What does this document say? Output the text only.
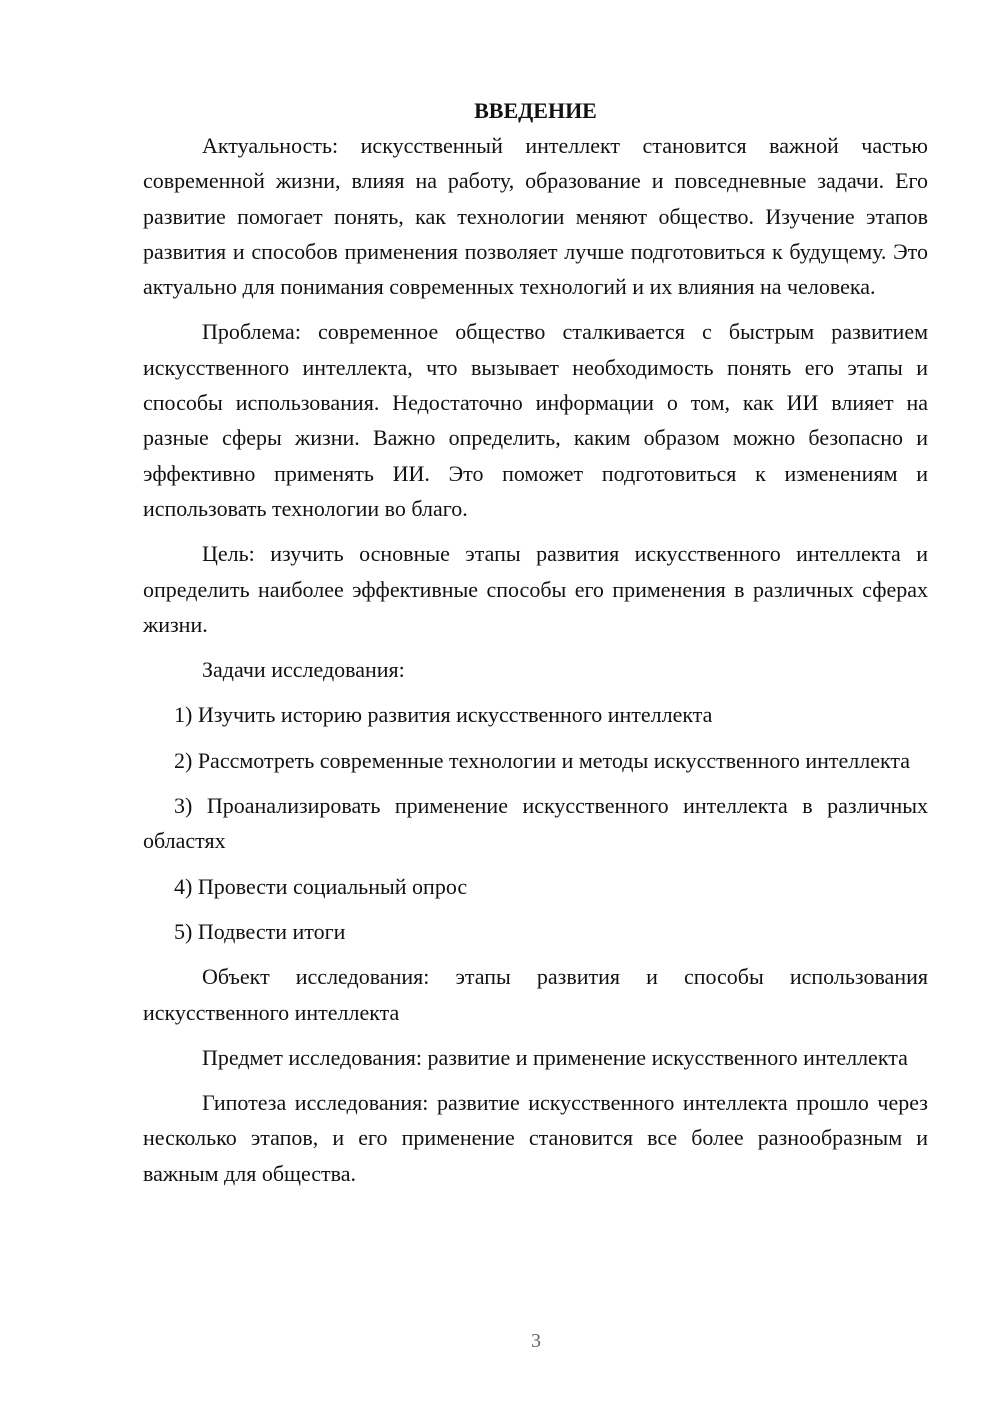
ВВЕДЕНИЕ

Актуальность: искусственный интеллект становится важной частью современной жизни, влияя на работу, образование и повседневные задачи. Его развитие помогает понять, как технологии меняют общество. Изучение этапов развития и способов применения позволяет лучше подготовиться к будущему. Это актуально для понимания современных технологий и их влияния на человека.

Проблема: современное общество сталкивается с быстрым развитием искусственного интеллекта, что вызывает необходимость понять его этапы и способы использования. Недостаточно информации о том, как ИИ влияет на разные сферы жизни. Важно определить, каким образом можно безопасно и эффективно применять ИИ. Это поможет подготовиться к изменениям и использовать технологии во благо.

Цель: изучить основные этапы развития искусственного интеллекта и определить наиболее эффективные способы его применения в различных сферах жизни.

Задачи исследования:

1) Изучить историю развития искусственного интеллекта

2) Рассмотреть современные технологии и методы искусственного интеллекта

3) Проанализировать применение искусственного интеллекта в различных областях

4) Провести социальный опрос

5) Подвести итоги

Объект исследования: этапы развития и способы использования искусственного интеллекта

Предмет исследования: развитие и применение искусственного интеллекта

Гипотеза исследования: развитие искусственного интеллекта прошло через несколько этапов, и его применение становится все более разнообразным и важным для общества.

3
